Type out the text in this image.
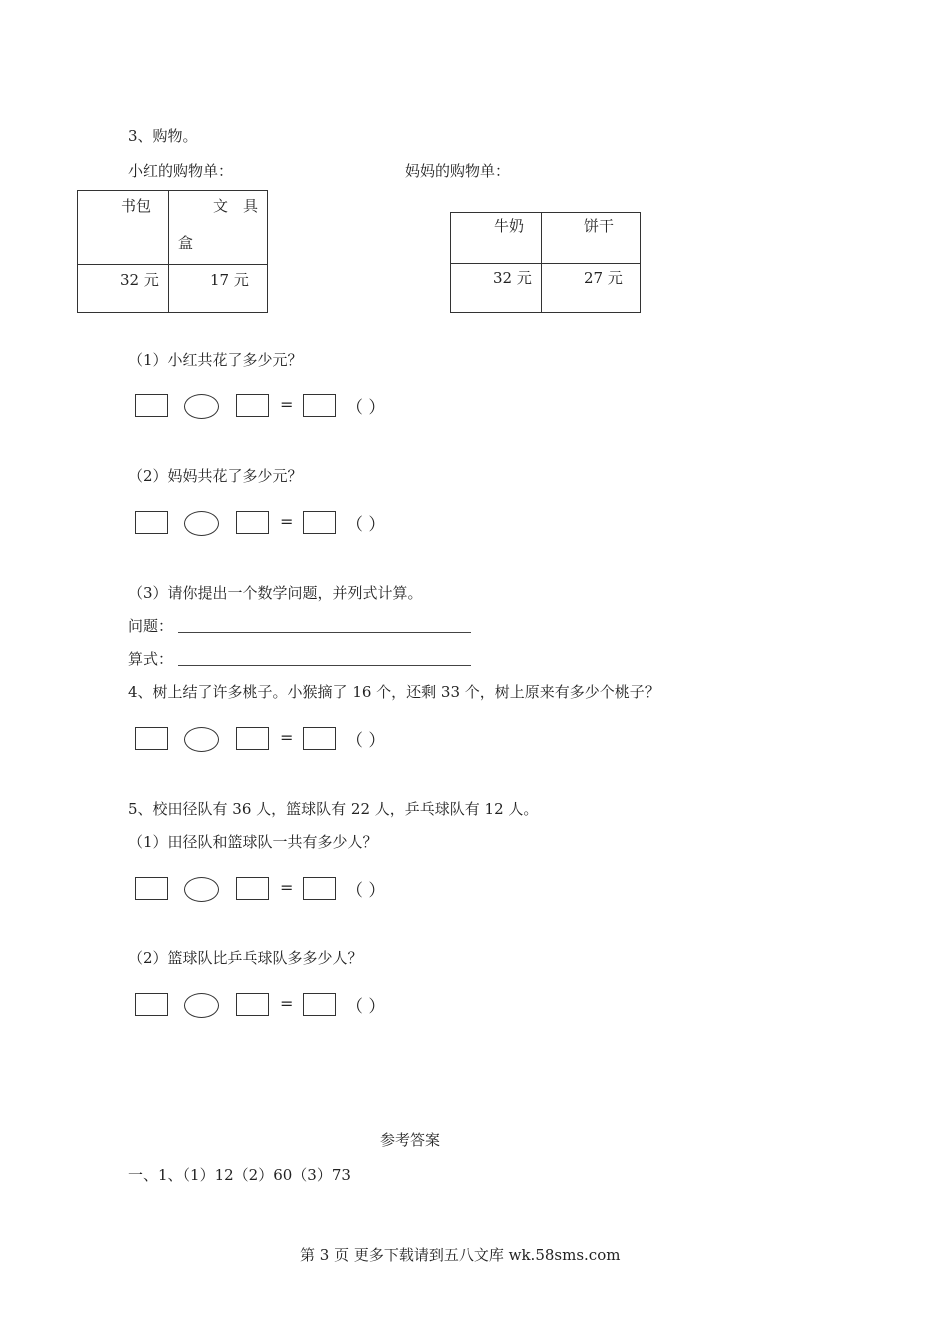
3、购物。
小红的购物单：	妈妈的购物单：
书包	文　具
盒

32 元	17 元
牛奶	饼干

32 元	27 元
（1）小红共花了多少元？
=	（ ）
（2）妈妈共花了多少元？
=	（ ）
（3）请你提出一个数学问题，并列式计算。
问题：
算式：
4、树上结了许多桃子。小猴摘了 16 个，还剩 33 个，树上原来有多少个桃子？
=	（ ）
5、校田径队有 36 人，篮球队有 22 人，乒乓球队有 12 人。
（1）田径队和篮球队一共有多少人？
=	（ ）
（2）篮球队比乒乓球队多多少人？
=	（ ）
参考答案
一、1、（1）12（2）60（3）73
第 3 页 更多下载请到五八文库 wk.58sms.com
